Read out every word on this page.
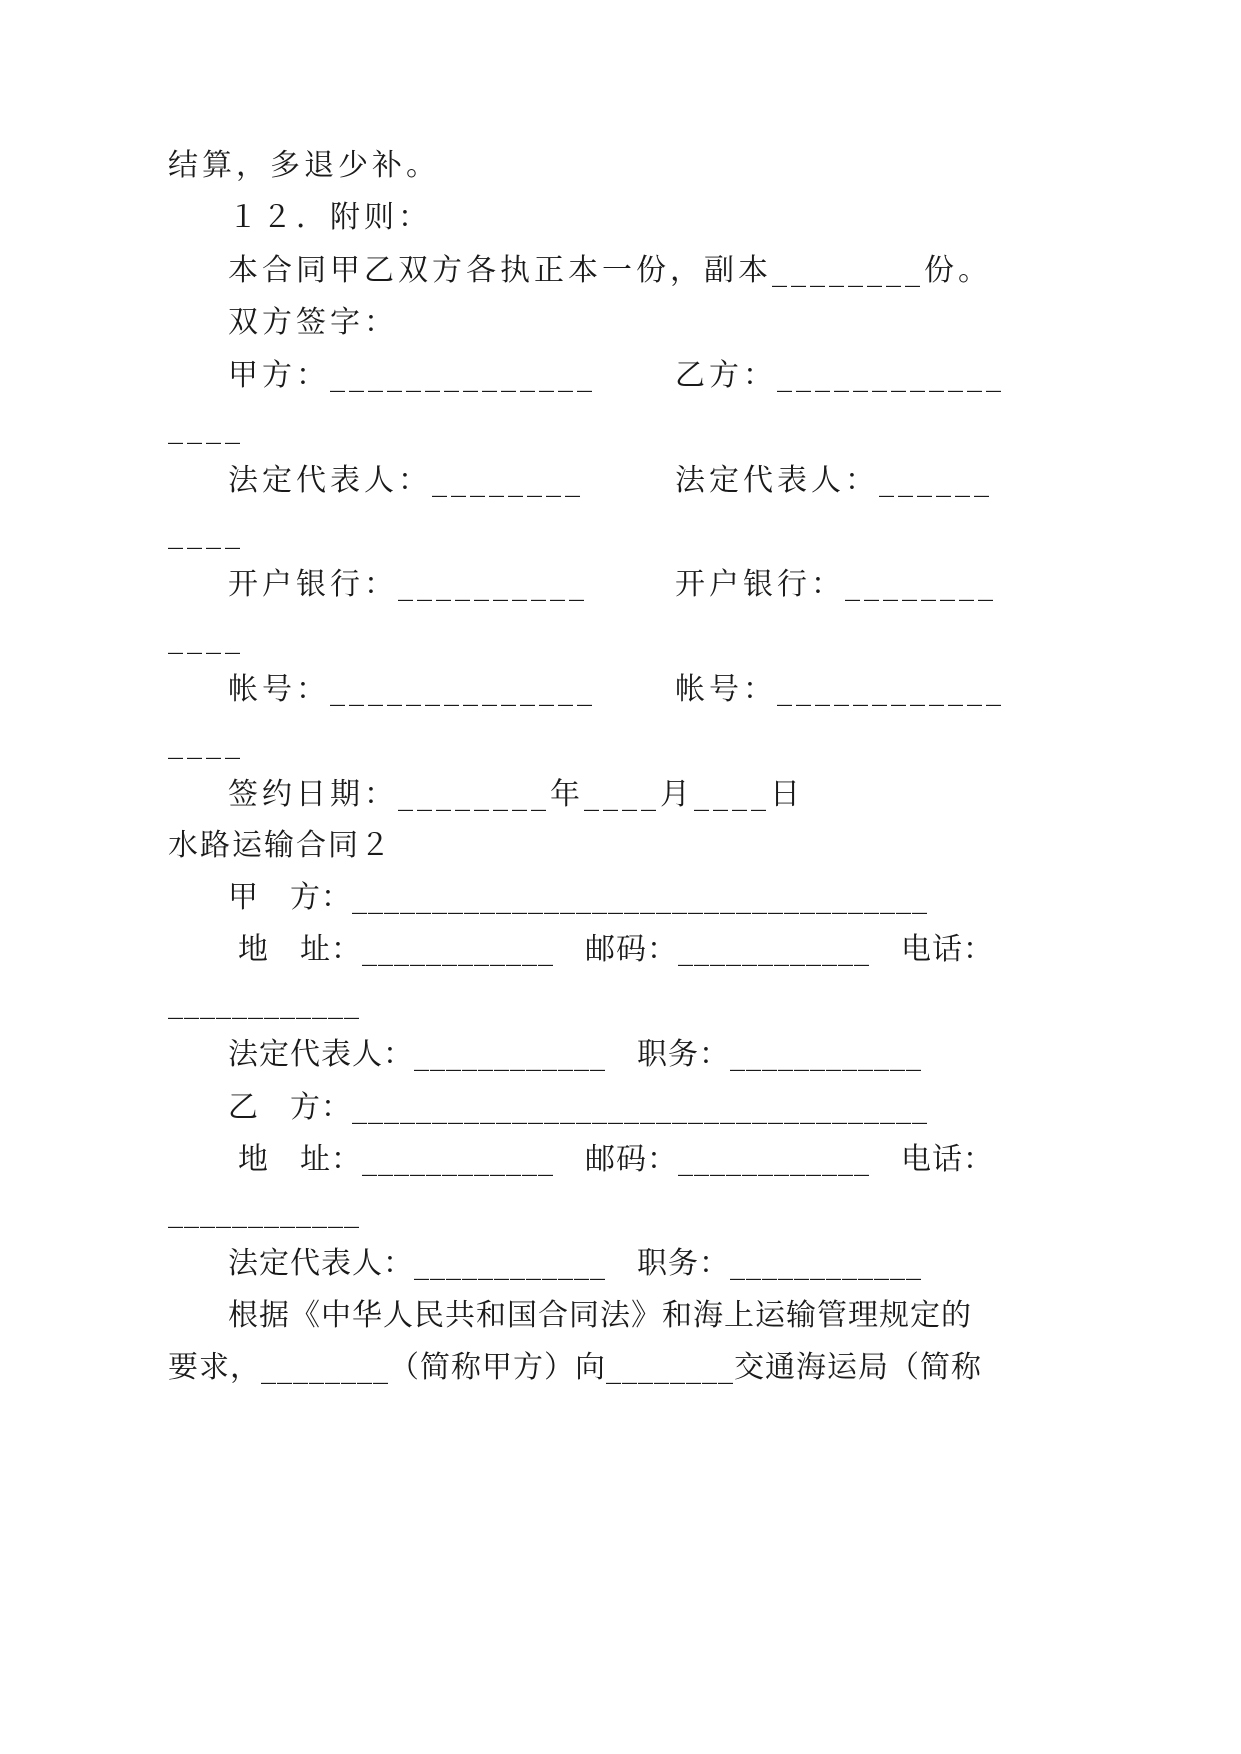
结算，多退少补。
１２．附则：
本合同甲乙双方各执正本一份，副本________份。
双方签字：
甲方：______________	乙方：____________
____
法定代表人：________	法定代表人：______
____
开户银行：__________	开户银行：________
____
帐号：______________	帐号：____________
____
签约日期：________年____月____日
水路运输合同２
甲　方：____________________________________
地　址：____________　邮码：____________　电话：
____________
法定代表人：____________　职务：____________
乙　方：____________________________________
地　址：____________　邮码：____________　电话：
____________
法定代表人：____________　职务：____________
根据《中华人民共和国合同法》和海上运输管理规定的
要求，________（简称甲方）向________交通海运局（简称
